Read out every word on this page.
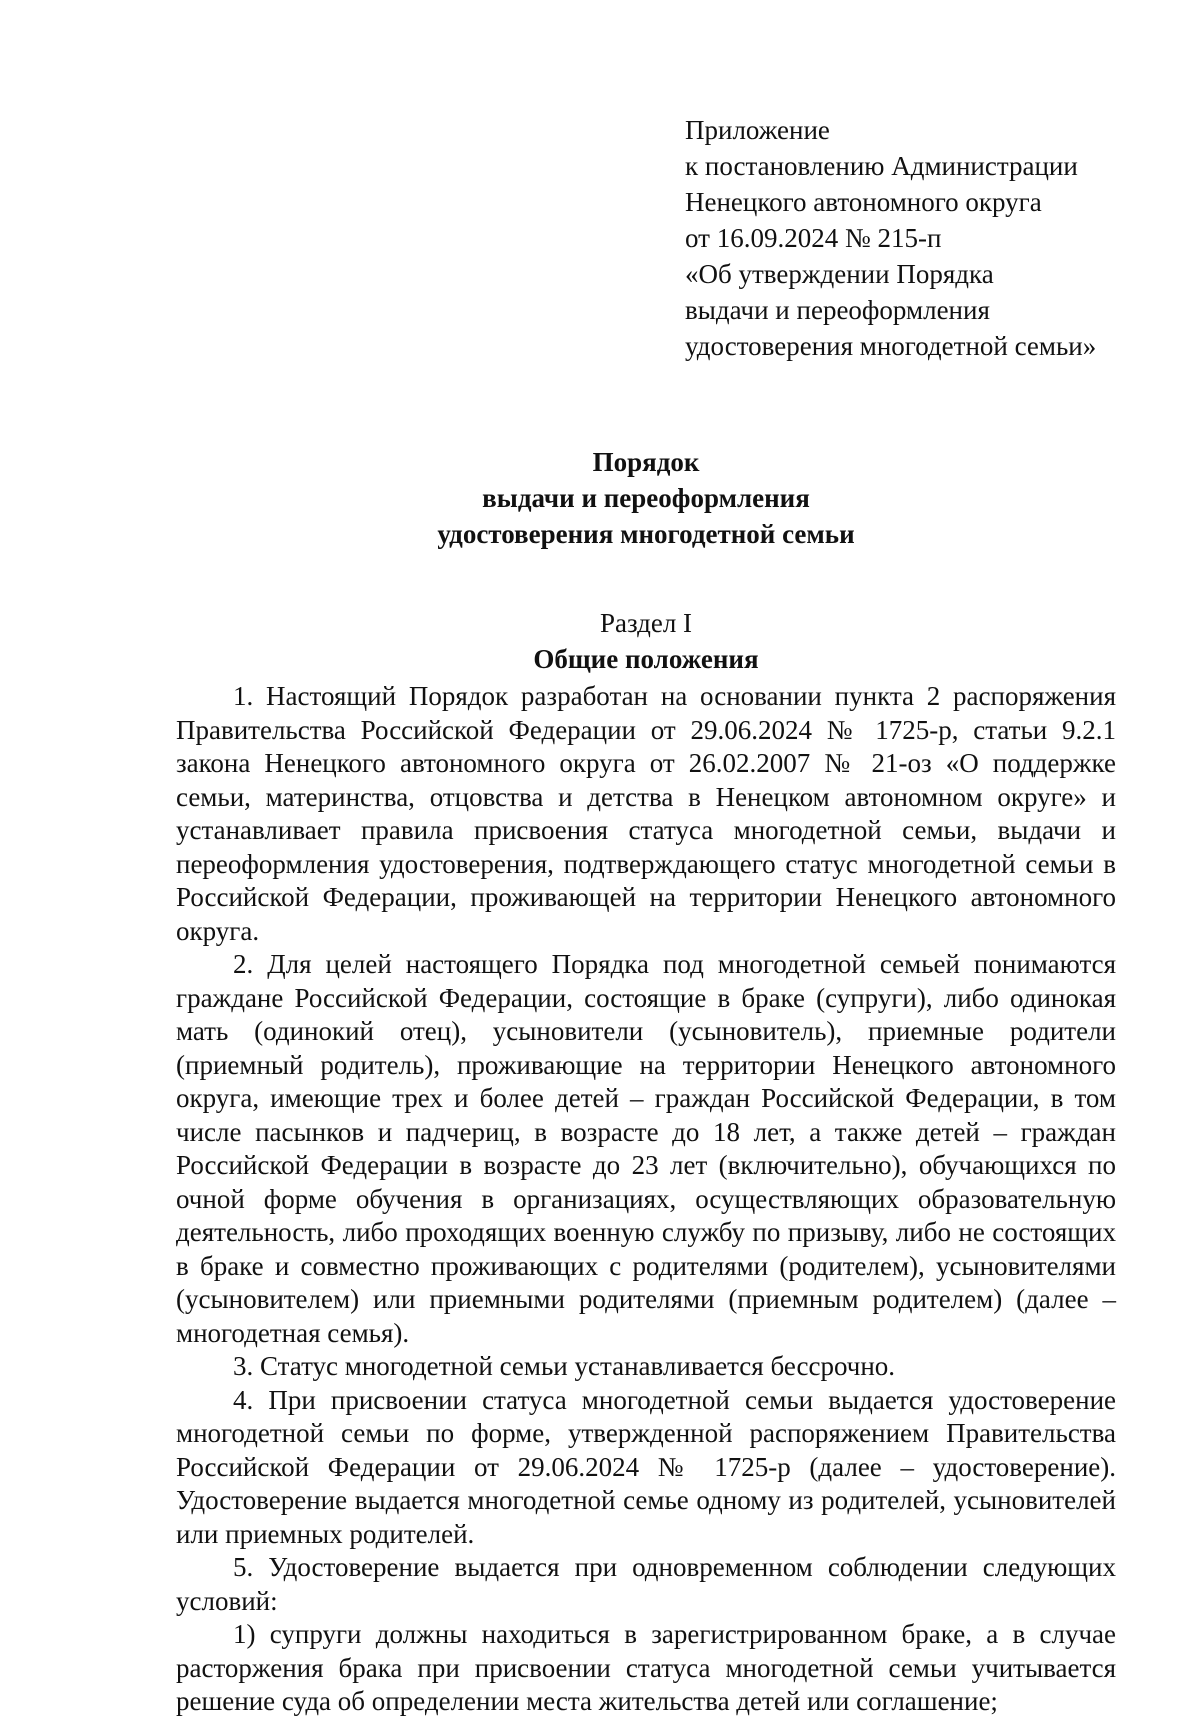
Приложение
к постановлению Администрации
Ненецкого автономного округа
от 16.09.2024 № 215-п
«Об утверждении Порядка
выдачи и переоформления
удостоверения многодетной семьи»
Порядок
выдачи и переоформления
удостоверения многодетной семьи
Раздел I
Общие положения

1. Настоящий Порядок разработан на основании пункта 2 распоряжения Правительства Российской Федерации от 29.06.2024 № 1725-р, статьи 9.2.1 закона Ненецкого автономного округа от 26.02.2007 № 21-оз «О поддержке семьи, материнства, отцовства и детства в Ненецком автономном округе» и устанавливает правила присвоения статуса многодетной семьи, выдачи и переоформления удостоверения, подтверждающего статус многодетной семьи в Российской Федерации, проживающей на территории Ненецкого автономного округа.

2. Для целей настоящего Порядка под многодетной семьей понимаются граждане Российской Федерации, состоящие в браке (супруги), либо одинокая мать (одинокий отец), усыновители (усыновитель), приемные родители (приемный родитель), проживающие на территории Ненецкого автономного округа, имеющие трех и более детей – граждан Российской Федерации, в том числе пасынков и падчериц, в возрасте до 18 лет, а также детей – граждан Российской Федерации в возрасте до 23 лет (включительно), обучающихся по очной форме обучения в организациях, осуществляющих образовательную деятельность, либо проходящих военную службу по призыву, либо не состоящих в браке и совместно проживающих с родителями (родителем), усыновителями (усыновителем) или приемными родителями (приемным родителем) (далее – многодетная семья).

3. Статус многодетной семьи устанавливается бессрочно.

4. При присвоении статуса многодетной семьи выдается удостоверение многодетной семьи по форме, утвержденной распоряжением Правительства Российской Федерации от 29.06.2024 № 1725-р (далее – удостоверение). Удостоверение выдается многодетной семье одному из родителей, усыновителей или приемных родителей.

5. Удостоверение выдается при одновременном соблюдении следующих условий:

1) супруги должны находиться в зарегистрированном браке, а в случае расторжения брака при присвоении статуса многодетной семьи учитывается решение суда об определении места жительства детей или соглашение;
